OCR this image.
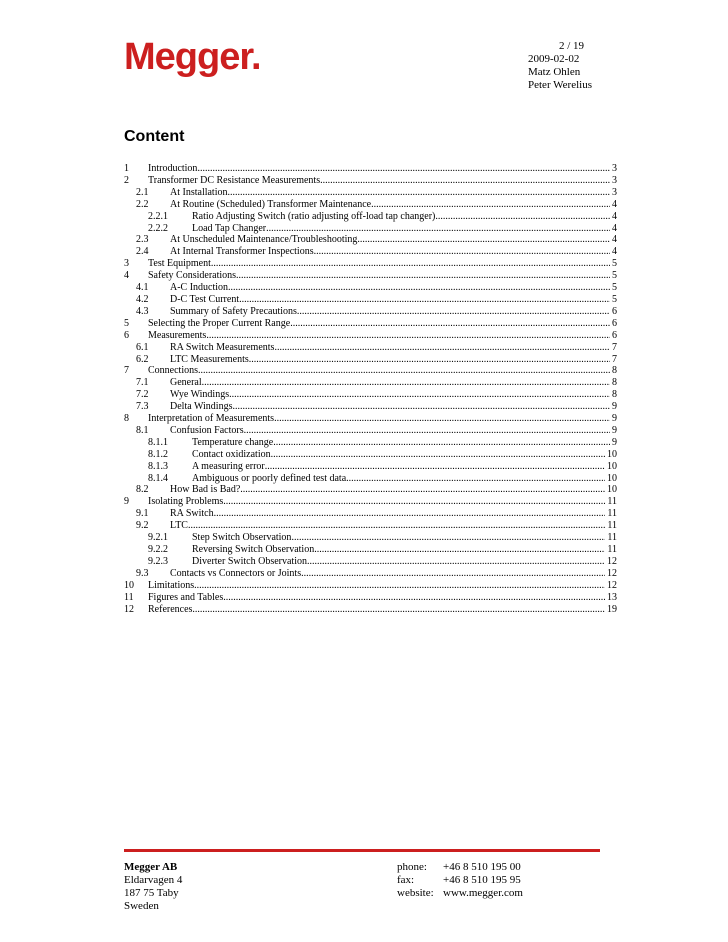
Megger.	2 / 19
2009-02-02
Matz Ohlen
Peter Werelius
Content
1	Introduction .....	3
2	Transformer DC Resistance Measurements .....	3
2.1	At Installation .....	3
2.2	At Routine (Scheduled) Transformer Maintenance .....	4
2.2.1	Ratio Adjusting Switch (ratio adjusting off-load tap changer) .....	4
2.2.2	Load Tap Changer .....	4
2.3	At Unscheduled Maintenance/Troubleshooting .....	4
2.4	At Internal Transformer Inspections .....	4
3	Test Equipment .....	5
4	Safety Considerations .....	5
4.1	A-C Induction .....	5
4.2	D-C Test Current .....	5
4.3	Summary of Safety Precautions .....	6
5	Selecting the Proper Current Range .....	6
6	Measurements .....	6
6.1	RA Switch Measurements .....	7
6.2	LTC Measurements .....	7
7	Connections .....	8
7.1	General .....	8
7.2	Wye Windings .....	8
7.3	Delta Windings .....	9
8	Interpretation of Measurements .....	9
8.1	Confusion Factors .....	9
8.1.1	Temperature change .....	9
8.1.2	Contact oxidization .....	10
8.1.3	A measuring error .....	10
8.1.4	Ambiguous or poorly defined test data .....	10
8.2	How Bad is Bad? .....	10
9	Isolating Problems .....	11
9.1	RA Switch .....	11
9.2	LTC .....	11
9.2.1	Step Switch Observation .....	11
9.2.2	Reversing Switch Observation .....	11
9.2.3	Diverter Switch Observation .....	12
9.3	Contacts vs Connectors or Joints .....	12
10	Limitations .....	12
11	Figures and Tables .....	13
12	References .....	19
Megger AB
Eldarvagen 4
187 75 Taby
Sweden
phone:	+46 8 510 195 00
fax:	+46 8 510 195 95
website: www.megger.com
